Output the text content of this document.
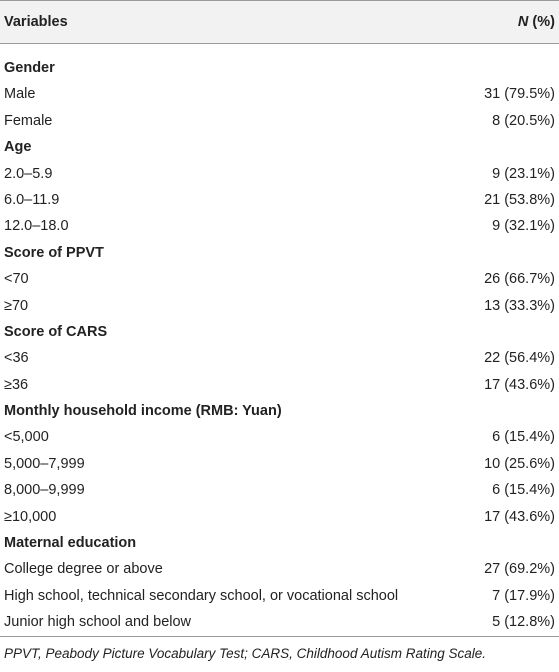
Variables	N (%)
Gender
Male	31 (79.5%)
Female	8 (20.5%)
Age
2.0–5.9	9 (23.1%)
6.0–11.9	21 (53.8%)
12.0–18.0	9 (32.1%)
Score of PPVT
<70	26 (66.7%)
≥70	13 (33.3%)
Score of CARS
<36	22 (56.4%)
≥36	17 (43.6%)
Monthly household income (RMB: Yuan)
<5,000	6 (15.4%)
5,000–7,999	10 (25.6%)
8,000–9,999	6 (15.4%)
≥10,000	17 (43.6%)
Maternal education
College degree or above	27 (69.2%)
High school, technical secondary school, or vocational school	7 (17.9%)
Junior high school and below	5 (12.8%)
PPVT, Peabody Picture Vocabulary Test; CARS, Childhood Autism Rating Scale.
